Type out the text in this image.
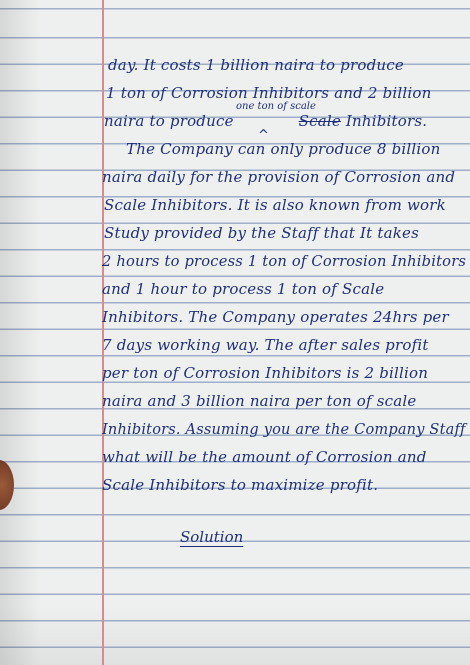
day. It costs 1 billion naira to produce
1 ton of Corrosion Inhibitors and 2 billion
one ton of scale
naira to produce	Scale Inhibitors.
^
The Company can only produce 8 billion
naira daily for the provision of Corrosion and
Scale Inhibitors. It is also known from work
Study provided by the Staff that It takes
2 hours to process 1 ton of Corrosion Inhibitors
and 1 hour to process 1 ton of Scale
Inhibitors. The Company operates 24hrs per
7 days working way. The after sales profit
per ton of Corrosion Inhibitors is 2 billion
naira and 3 billion naira per ton of scale
Inhibitors. Assuming you are the Company Staff
what will be the amount of Corrosion and
Scale Inhibitors to maximize profit.
Solution
